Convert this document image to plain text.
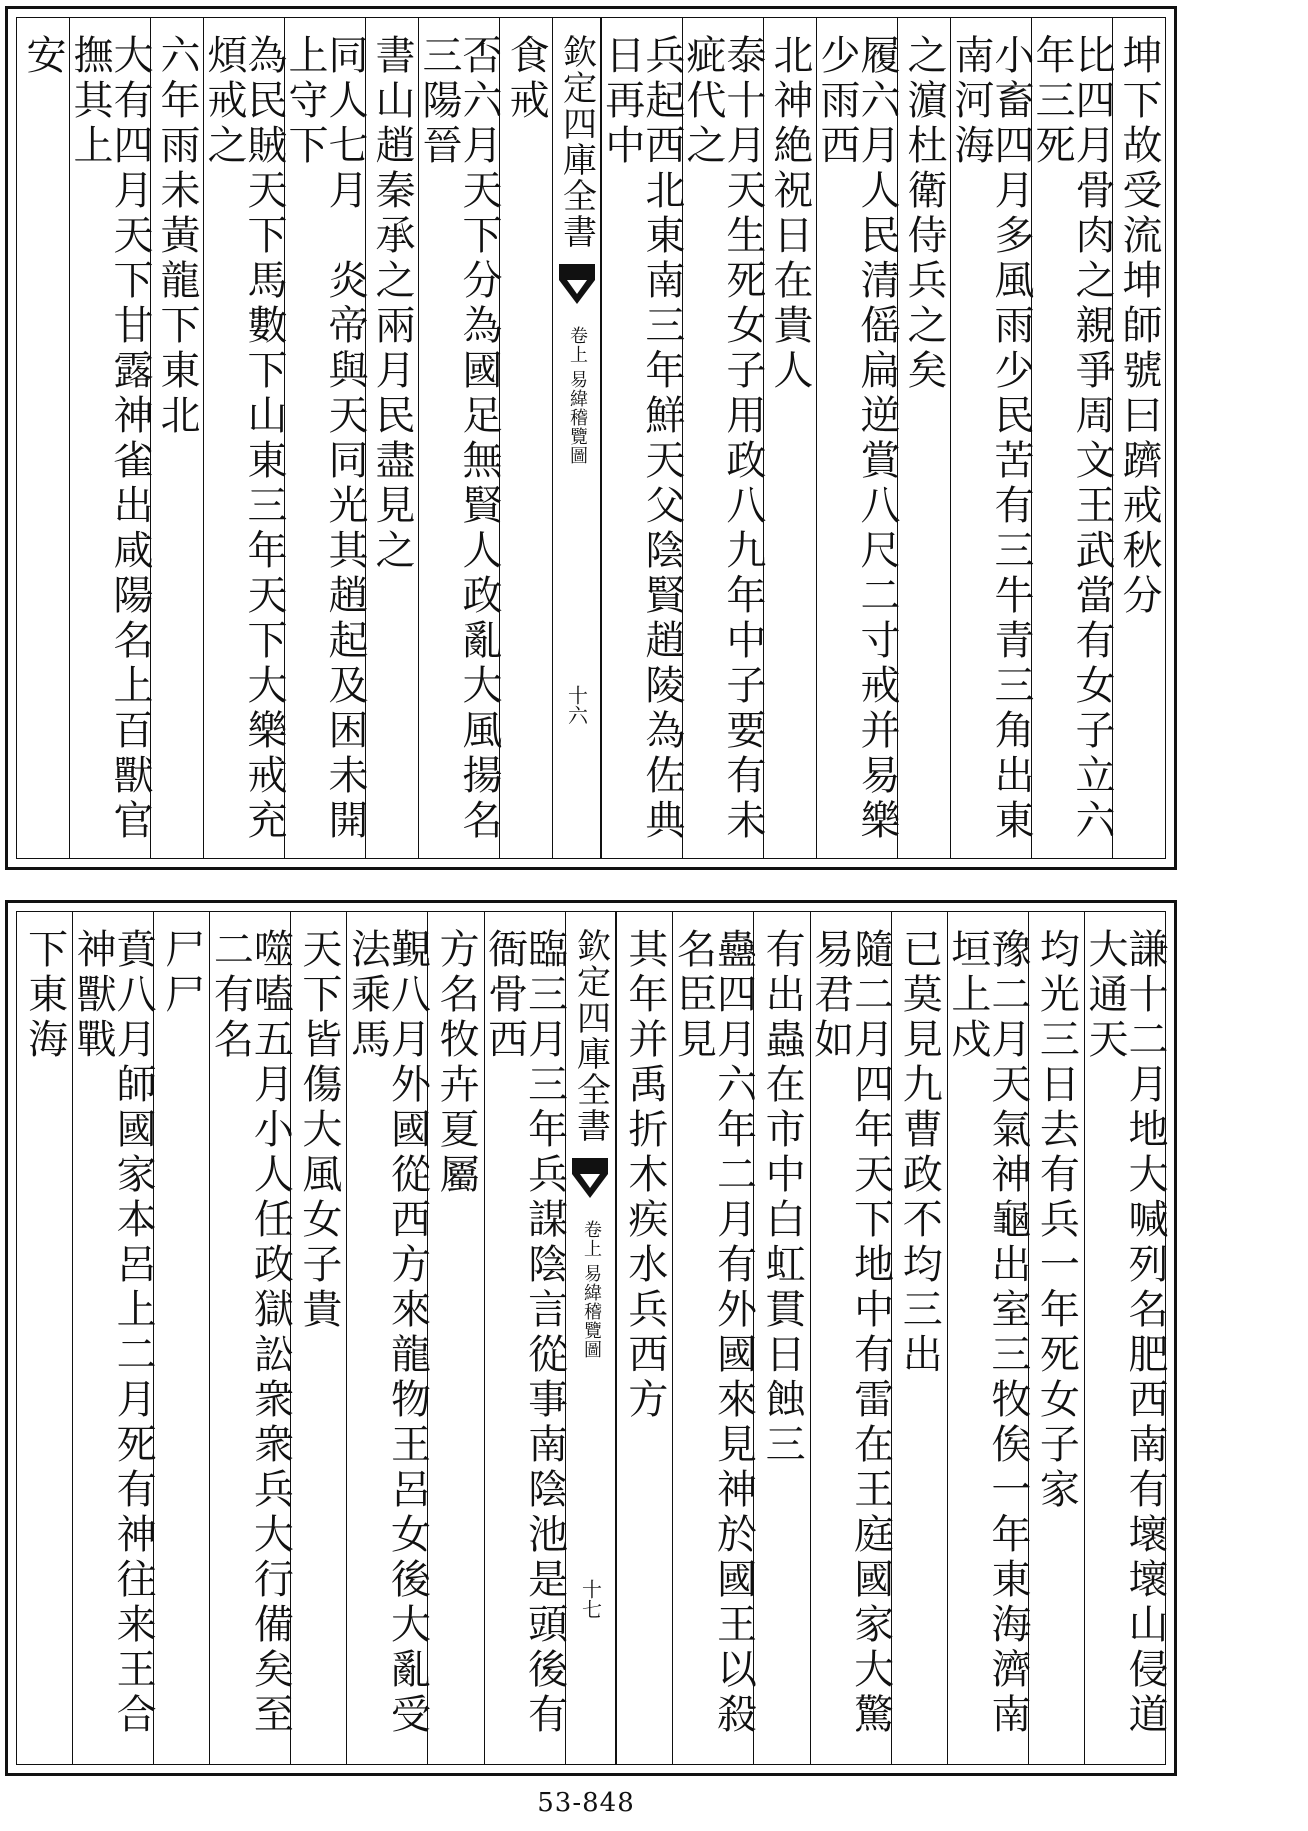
坤下故受流坤師號曰躋戒秋分
比四月骨肉之親爭周文王武當有女子立六年三死
小畜四月多風雨少民苦有三牛青三角出東南河海
之濵杜衛侍兵之矣
履六月人民清傜扁逆賞八尺二寸戒并易樂少雨西
北神絶祝日在貴人
泰十月天生死女子用政八九年中子要有未疵代之
兵起西北東南三年鮮天父陰賢趙陵為佐典日再中
欽定四庫全書
易緯稽覽圖
卷上
十六
食戒
否六月天下分為國足無賢人政亂大風揚名三陽晉
書山趙秦承之兩月民盡見之
同人七月　炎帝與天同光其趙起及困未開上守下
為民賊天下馬數下山東三年天下大樂戒充煩戒之
六年雨未黃龍下東北
大有四月天下甘露神雀出咸陽名上百獸官撫其上
安
謙十二月地大喊列名肥西南有壞壞山侵道大通天
均光三日去有兵一年死女子家
豫二月天氣神龜出室三牧俟一年東海濟南垣上戍
已莫見九曹政不均三出
隨二月四年天下地中有雷在王庭國家大驚易君如
有出蟲在市中白虹貫日蝕三
蠱四月六年二月有外國來見神於國王以殺名臣見
其年并禹折木疾水兵西方
欽定四庫全書
易緯稽覽圖
卷上
十七
臨三月三年兵謀陰言從事南陰池是頭後有衙骨西
方名牧卉夏屬
覲八月外國從西方來龍物王呂女後大亂受法乘馬
天下皆傷大風女子貴
噬嗑五月小人任政獄訟衆衆兵大行備矣至二有名
尸尸
賁八月師國家本呂上二月死有神往来王合神獸戰
下東海
53-848
